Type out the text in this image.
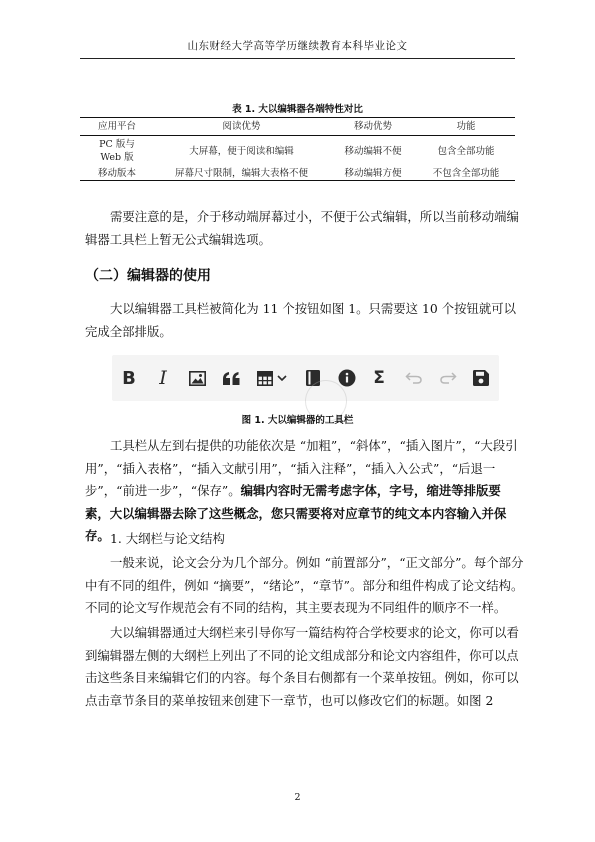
山东财经大学高等学历继续教育本科毕业论文
表 1. 大以编辑器各端特性对比
应用平台	阅读优势	移动优势	功能
PC 版与 Web 版	大屏幕，便于阅读和编辑	移动编辑不便	包含全部功能
移动版本	屏幕尺寸限制，编辑大表格不便	移动编辑方便	不包含全部功能

需要注意的是，介于移动端屏幕过小，不便于公式编辑，所以当前移动端编辑器工具栏上暂无公式编辑选项。

（二）编辑器的使用

大以编辑器工具栏被简化为 11 个按钮如图 1。只需要这 10 个按钮就可以完成全部排版。

B I	Σ
图 1. 大以编辑器的工具栏

工具栏从左到右提供的功能依次是 “加粗”，“斜体”，“插入图片”，“大段引用”，“插入表格”，“插入文献引用”，“插入注释”，“插入入公式”，“后退一步”，“前进一步”，“保存”。编辑内容时无需考虑字体，字号，缩进等排版要素，大以编辑器去除了这些概念，您只需要将对应章节的纯文本内容输入并保存。 1. 大纲栏与论文结构

一般来说，论文会分为几个部分。例如 “前置部分”，“正文部分”。每个部分中有不同的组件，例如 “摘要”，“绪论”，“章节”。部分和组件构成了论文结构。不同的论文写作规范会有不同的结构，其主要表现为不同组件的顺序不一样。

大以编辑器通过大纲栏来引导你写一篇结构符合学校要求的论文，你可以看到编辑器左侧的大纲栏上列出了不同的论文组成部分和论文内容组件，你可以点击这些条目来编辑它们的内容。每个条目右侧都有一个菜单按钮。例如，你可以点击章节条目的菜单按钮来创建下一章节，也可以修改它们的标题。如图 2

2
